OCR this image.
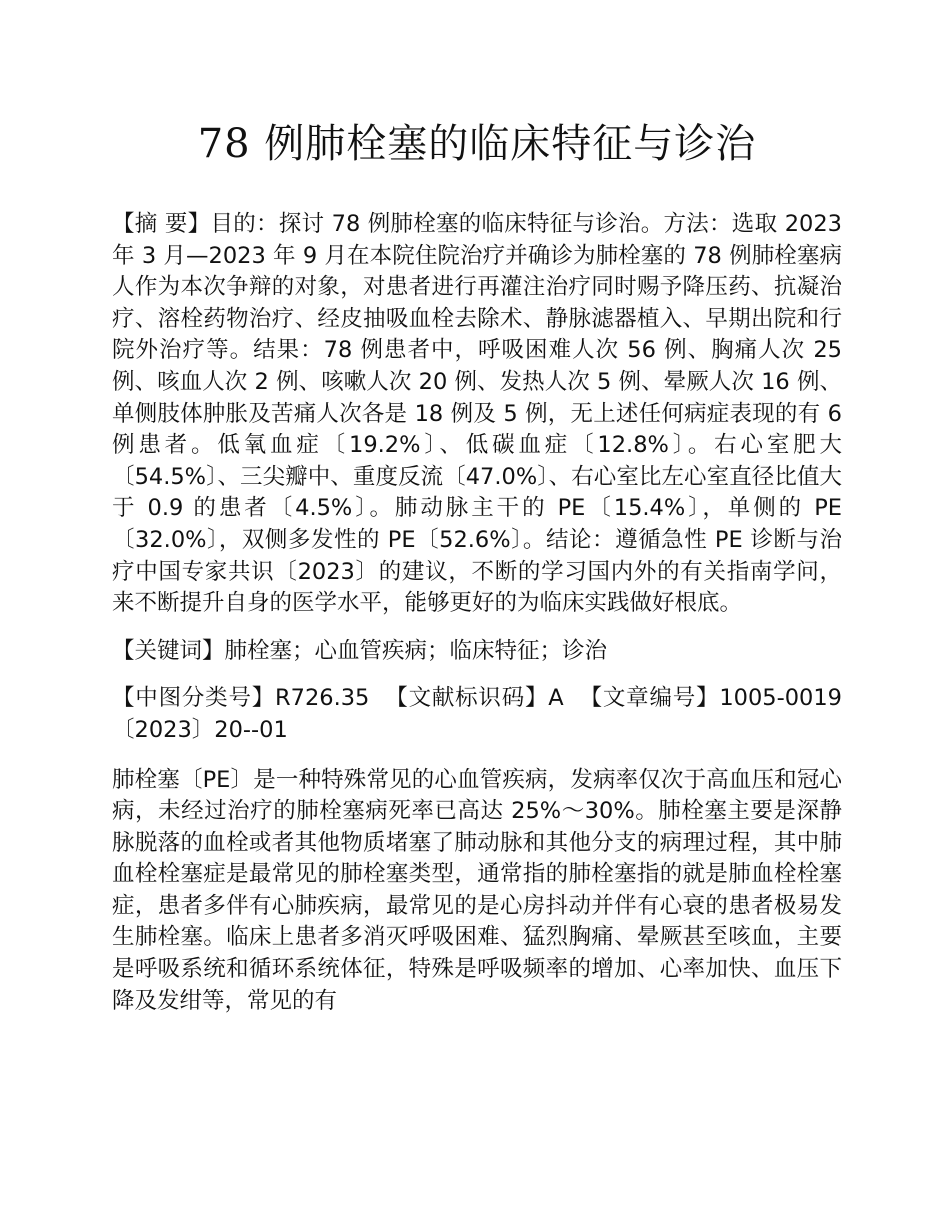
78 例肺栓塞的临床特征与诊治

【摘 要】目的：探讨 78 例肺栓塞的临床特征与诊治。方法：选取 2023 年 3 月—2023 年 9 月在本院住院治疗并确诊为肺栓塞的 78 例肺栓塞病人作为本次争辩的对象，对患者进行再灌注治疗同时赐予降压药、抗凝治疗、溶栓药物治疗、经皮抽吸血栓去除术、静脉滤器植入、早期出院和行院外治疗等。结果：78 例患者中，呼吸困难人次 56 例、胸痛人次 25 例、咳血人次 2 例、咳嗽人次 20 例、发热人次 5 例、晕厥人次 16 例、单侧肢体肿胀及苦痛人次各是 18 例及 5 例，无上述任何病症表现的有 6 例患者。低氧血症〔19.2%〕、低碳血症〔12.8%〕。右心室肥大〔54.5%〕、三尖瓣中、重度反流〔47.0%〕、右心室比左心室直径比值大于 0.9 的患者〔4.5%〕。肺动脉主干的 PE〔15.4%〕，单侧的 PE〔32.0%〕，双侧多发性的 PE〔52.6%〕。结论：遵循急性 PE 诊断与治疗中国专家共识〔2023〕的建议，不断的学习国内外的有关指南学问，来不断提升自身的医学水平，能够更好的为临床实践做好根底。

【关键词】肺栓塞；心血管疾病；临床特征；诊治

【中图分类号】R726.35 【文献标识码】A 【文章编号】1005-0019〔2023〕20--01

肺栓塞〔PE〕是一种特殊常见的心血管疾病，发病率仅次于高血压和冠心病，未经过治疗的肺栓塞病死率已高达 25%～30%。肺栓塞主要是深静脉脱落的血栓或者其他物质堵塞了肺动脉和其他分支的病理过程，其中肺血栓栓塞症是最常见的肺栓塞类型，通常指的肺栓塞指的就是肺血栓栓塞症，患者多伴有心肺疾病，最常见的是心房抖动并伴有心衰的患者极易发生肺栓塞。临床上患者多消灭呼吸困难、猛烈胸痛、晕厥甚至咳血，主要是呼吸系统和循环系统体征，特殊是呼吸频率的增加、心率加快、血压下降及发绀等，常见的有
